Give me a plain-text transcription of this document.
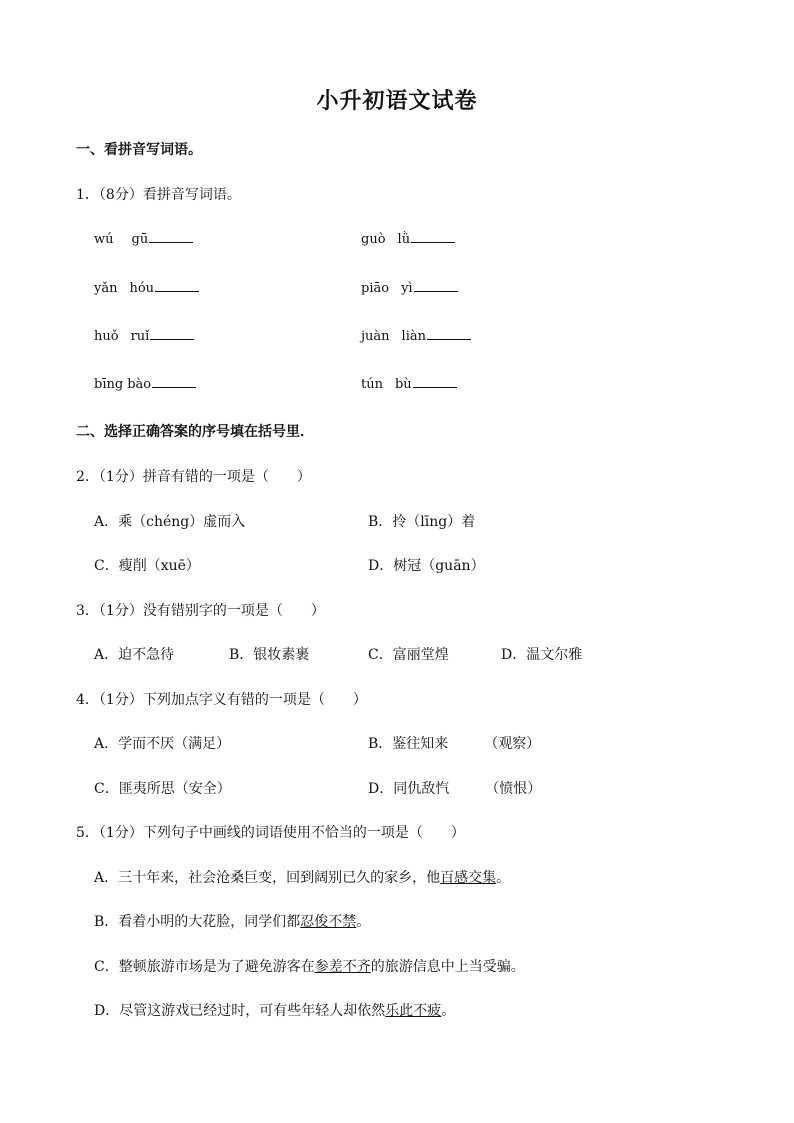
小升初语文试卷
一、看拼音写词语。
1．（8分）看拼音写词语。
wú gū	guò lǜ
yǎn hóu	piāo yì
huǒ ruǐ	juàn liàn
bīng bào	tún bù
二、选择正确答案的序号填在括号里．
2．（1分）拼音有错的一项是（　　）
A．乘（chéng）虚而入	B．拎（līng）着
C．瘦削（xuē）	D．树冠（guān）
3．（1分）没有错别字的一项是（　　）
A．迫不急待	B．银妆素裹	C．富丽堂煌	D．温文尔雅
4．（1分）下列加点字义有错的一项是（　　）
A．学而不厌（满足）	B．鉴往知来	（观察）
C．匪夷所思（安全）	D．同仇敌忾	（愤恨）
5．（1分）下列句子中画线的词语使用不恰当的一项是（　　）
A．三十年来，社会沧桑巨变，回到阔别已久的家乡，他百感交集。
B．看着小明的大花脸，同学们都忍俊不禁。
C．整顿旅游市场是为了避免游客在参差不齐的旅游信息中上当受骗。
D．尽管这游戏已经过时，可有些年轻人却依然乐此不疲。
